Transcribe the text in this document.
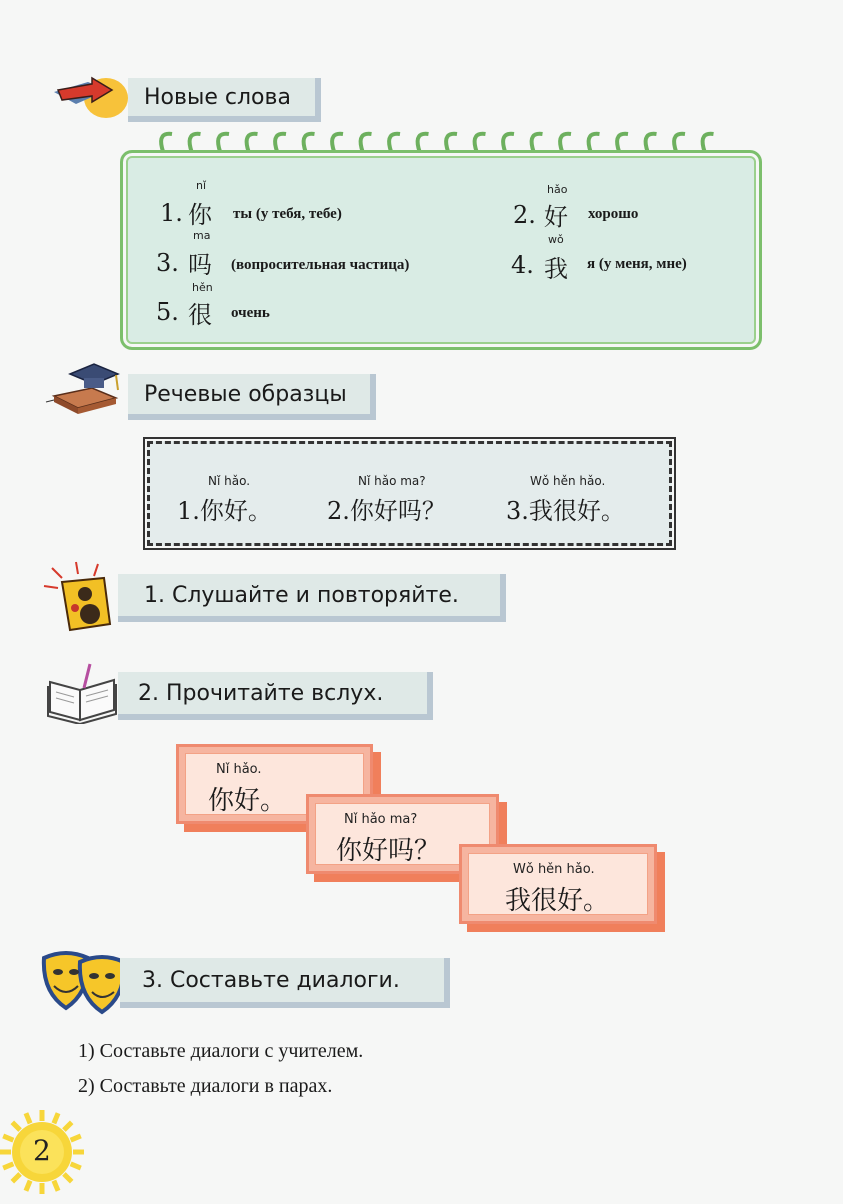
Новые слова
1.
nǐ
你 ты (у тебя, тебе)	2.
hǎo
好 хорошо
3.
ma
吗 (вопросительная частица)	4.
wǒ
我 я (у меня, мне)
5.
hěn
很 очень
Речевые образцы
Nǐ hǎo.
1.你好。
Nǐ hǎo ma?
2.你好吗？
Wǒ hěn hǎo.
3.我很好。
1. Слушайте и повторяйте.
2. Прочитайте вслух.
Nǐ hǎo.
你好。
Nǐ hǎo ma?
你好吗？
Wǒ hěn hǎo.
我很好。
3. Составьте диалоги.
1) Составьте диалоги с учителем.
2) Составьте диалоги в парах.
2
